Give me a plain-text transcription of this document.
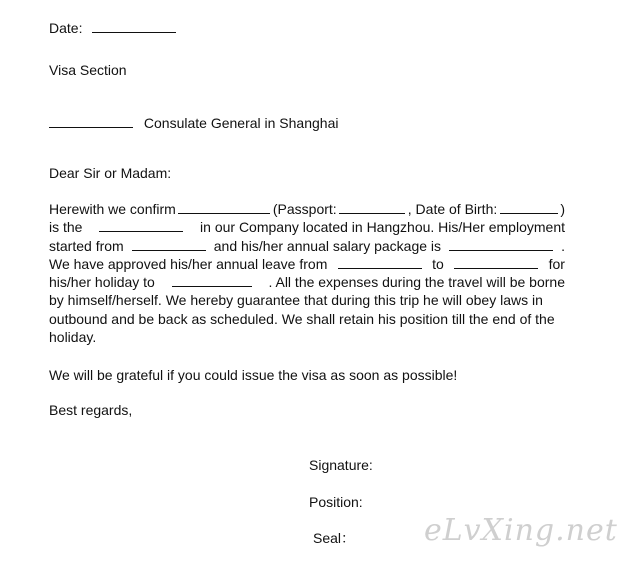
Date:
Visa Section
Consulate General in Shanghai
Dear Sir or Madam:
Herewith we confirm	(Passport:	, Date of Birth:	)
is the	in our Company located in Hangzhou. His/Her employment
started from	and his/her annual salary package is	.
We have approved his/her annual leave from	to	for
his/her holiday to	. All the expenses during the travel will be borne
by himself/herself. We hereby guarantee that during this trip he will obey laws in
outbound and be back as scheduled. We shall retain his position till the end of the
holiday.
We will be grateful if you could issue the visa as soon as possible!
Best regards,
Signature:
Position:
Seal： eLvXing.net
